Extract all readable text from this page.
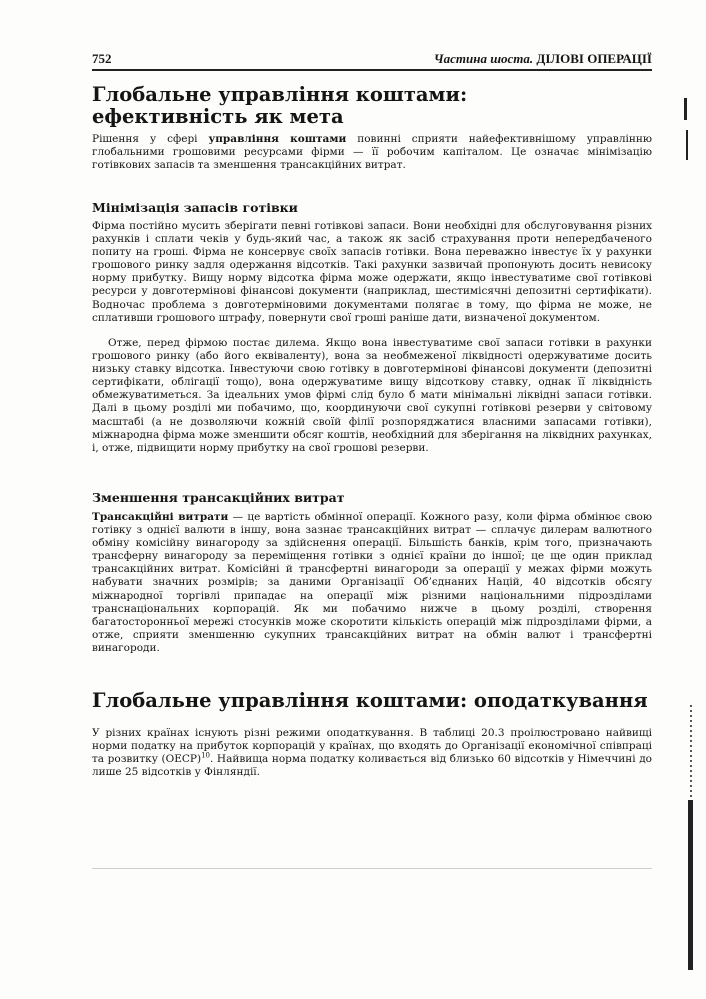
752	Частина шоста. ДІЛОВІ ОПЕРАЦІЇ
Глобальне управління коштами:
ефективність як мета

Рішення у сфері управління коштами повинні сприяти найефективнішому управлінню глобальними грошовими ресурсами фірми — її робочим капіталом. Це означає мінімізацію готівкових запасів та зменшення трансакційних витрат.

Мінімізація запасів готівки

Фірма постійно мусить зберігати певні готівкові запаси. Вони необхідні для обслуговування різних рахунків і сплати чеків у будь-який час, а також як засіб страхування проти непередбаченого попиту на гроші. Фірма не консервує своїх запасів готівки. Вона переважно інвестує їх у рахунки грошового ринку задля одержання відсотків. Такі рахунки зазвичай пропонують досить невисоку норму прибутку. Вищу норму відсотка фірма може одержати, якщо інвестуватиме свої готівкові ресурси у довготермінові фінансові документи (наприклад, шестимісячні депозитні сертифікати). Водночас проблема з довготерміновими документами полягає в тому, що фірма не може, не сплативши грошового штрафу, повернути свої гроші раніше дати, визначеної документом.

Отже, перед фірмою постає дилема. Якщо вона інвестуватиме свої запаси готівки в рахунки грошового ринку (або його еквіваленту), вона за необмеженої ліквідності одержуватиме досить низьку ставку відсотка. Інвестуючи свою готівку в довготермінові фінансові документи (депозитні сертифікати, облігації тощо), вона одержуватиме вищу відсоткову ставку, однак її ліквідність обмежуватиметься. За ідеальних умов фірмі слід було б мати мінімальні ліквідні запаси готівки. Далі в цьому розділі ми побачимо, що, координуючи свої сукупні готівкові резерви у світовому масштабі (а не дозволяючи кожній своїй філії розпоряджатися власними запасами готівки), міжнародна фірма може зменшити обсяг коштів, необхідний для зберігання на ліквідних рахунках, і, отже, підвищити норму прибутку на свої грошові резерви.

Зменшення трансакційних витрат

Трансакційні витрати — це вартість обмінної операції. Кожного разу, коли фірма обмінює свою готівку з однієї валюти в іншу, вона зазнає трансакційних витрат — сплачує дилерам валютного обміну комісійну винагороду за здійснення операції. Більшість банків, крім того, призначають трансферну винагороду за переміщення готівки з однієї країни до іншої; це ще один приклад трансакційних витрат. Комісійні й трансфертні винагороди за операції у межах фірми можуть набувати значних розмірів; за даними Організації Об’єднаних Націй, 40 відсотків обсягу міжнародної торгівлі припадає на операції між різними національними підрозділами транснаціональних корпорацій. Як ми побачимо нижче в цьому розділі, створення багатосторонньої мережі стосунків може скоротити кількість операцій між підрозділами фірми, а отже, сприяти зменшенню сукупних трансакційних витрат на обмін валют і трансфертні винагороди.

Глобальне управління коштами: оподаткування

У різних країнах існують різні режими оподаткування. В таблиці 20.3 проілюстровано найвищі норми податку на прибуток корпорацій у країнах, що входять до Організації економічної співпраці та розвитку (ОЕСР)$^{10}$. Найвища норма податку коливається від близько 60 відсотків у Німеччині до лише 25 відсотків у Фінляндії.
